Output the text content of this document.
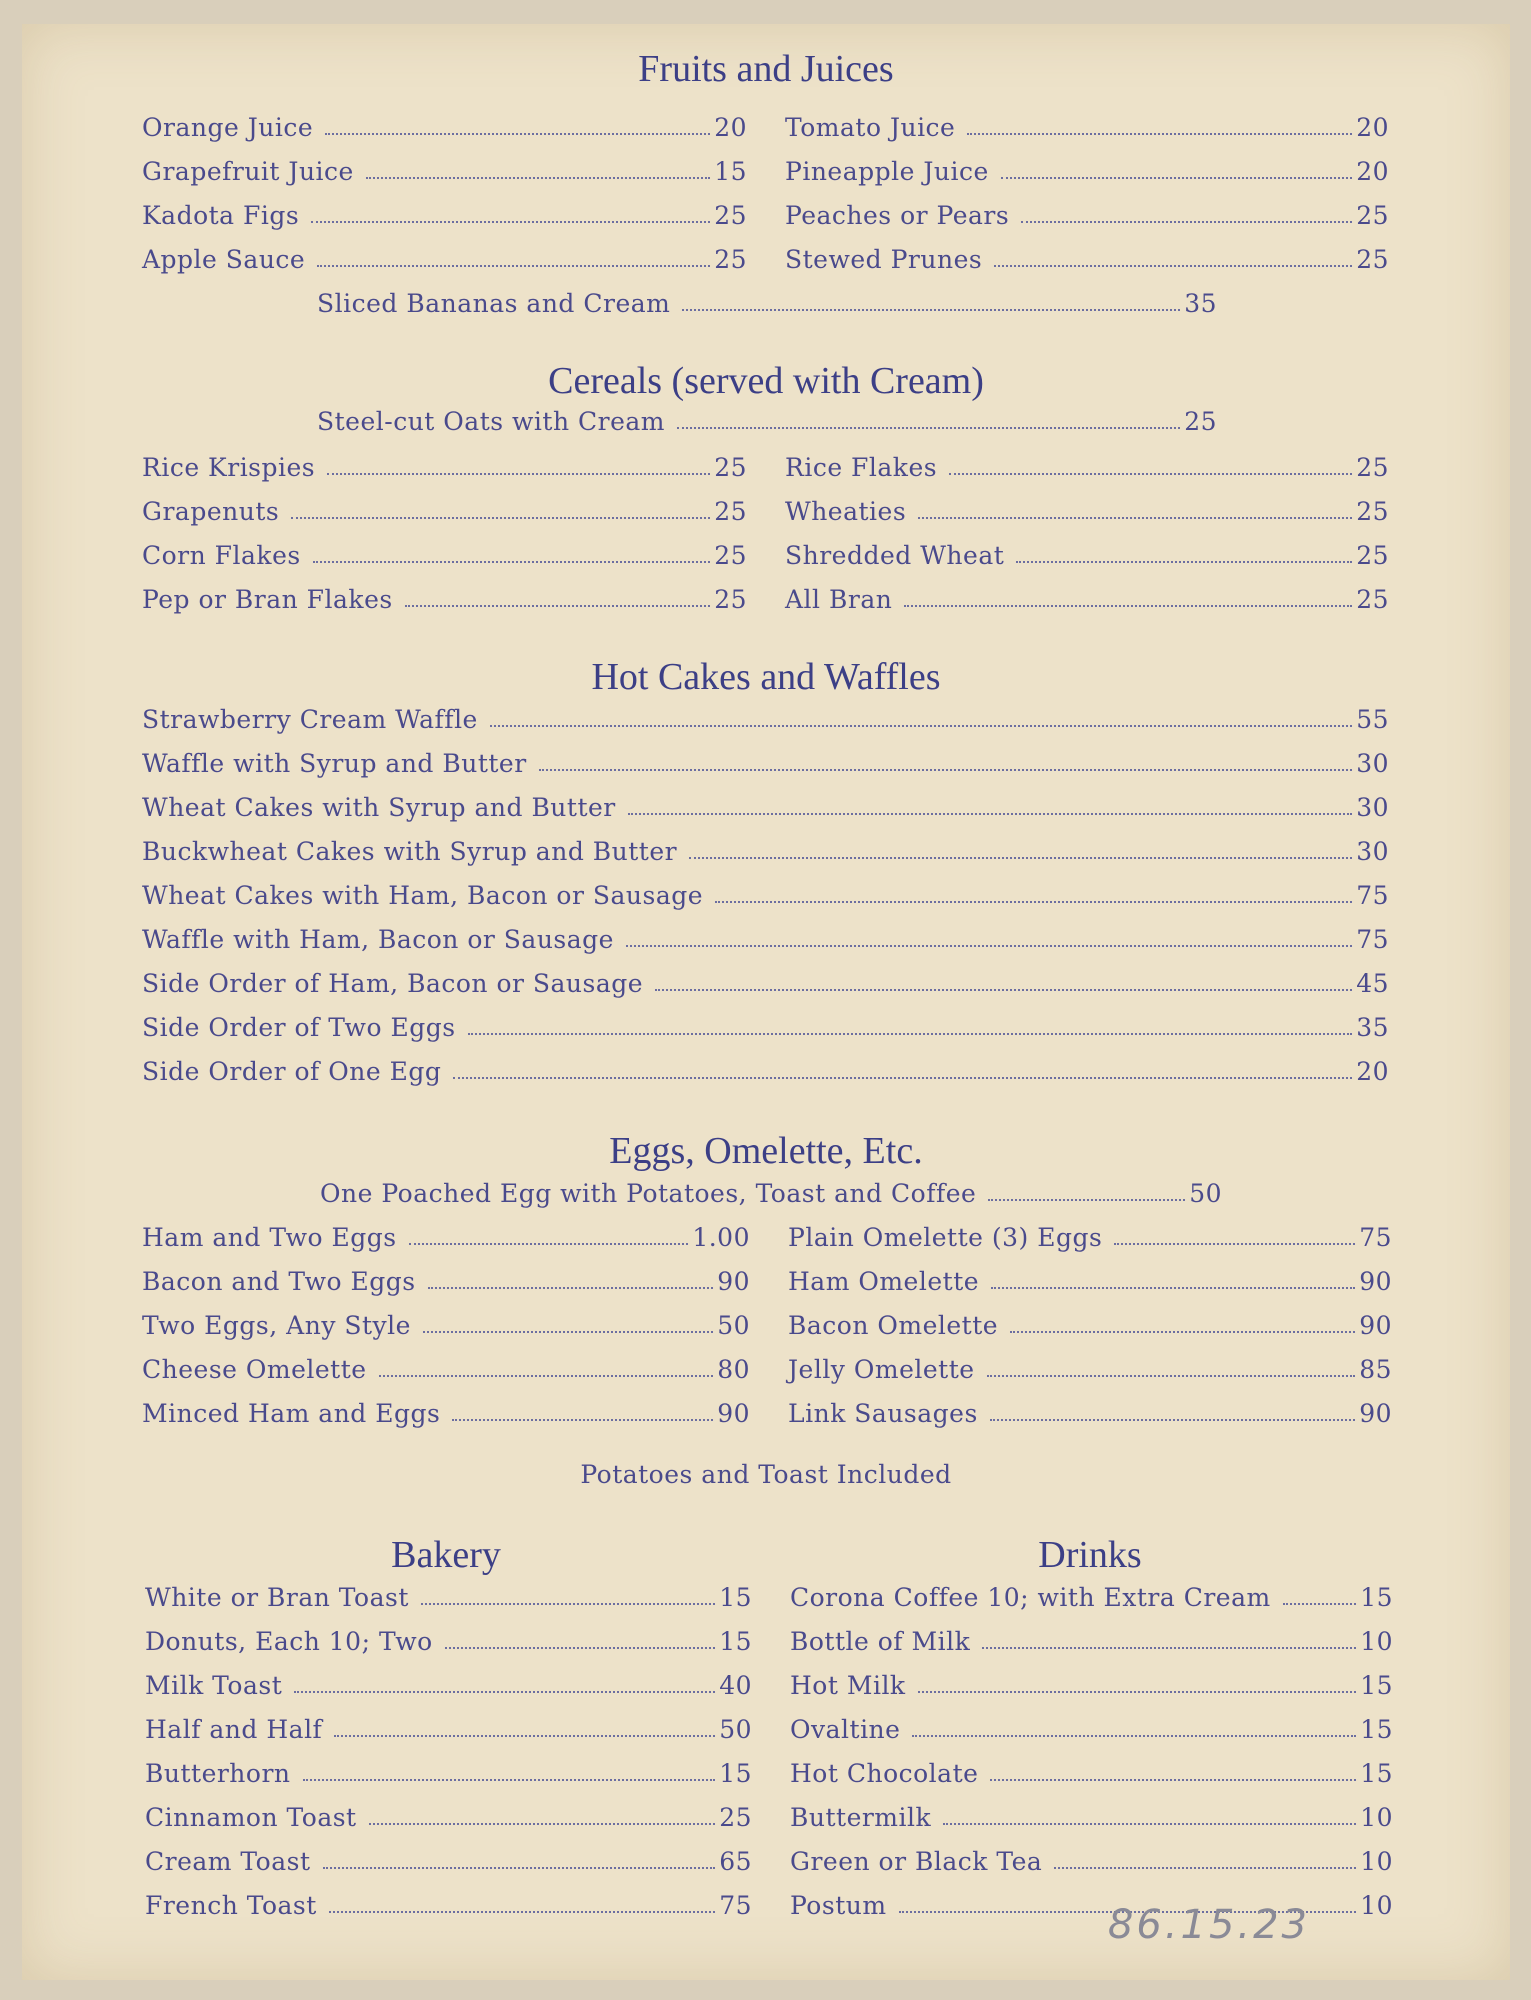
Fruits and Juices
Orange Juice	20
Grapefruit Juice	15
Kadota Figs	25
Apple Sauce	25
Tomato Juice	20
Pineapple Juice	20
Peaches or Pears	25
Stewed Prunes	25
Sliced Bananas and Cream	35
Cereals (served with Cream)
Steel-cut Oats with Cream	25
Rice Krispies	25
Grapenuts	25
Corn Flakes	25
Pep or Bran Flakes	25
Rice Flakes	25
Wheaties	25
Shredded Wheat	25
All Bran	25
Hot Cakes and Waffles
Strawberry Cream Waffle	55
Waffle with Syrup and Butter	30
Wheat Cakes with Syrup and Butter	30
Buckwheat Cakes with Syrup and Butter	30
Wheat Cakes with Ham, Bacon or Sausage	75
Waffle with Ham, Bacon or Sausage	75
Side Order of Ham, Bacon or Sausage	45
Side Order of Two Eggs	35
Side Order of One Egg	20
Eggs, Omelette, Etc.
One Poached Egg with Potatoes, Toast and Coffee	50
Ham and Two Eggs	1.00
Bacon and Two Eggs	90
Two Eggs, Any Style	50
Cheese Omelette	80
Minced Ham and Eggs	90
Plain Omelette (3) Eggs	75
Ham Omelette	90
Bacon Omelette	90
Jelly Omelette	85
Link Sausages	90
Potatoes and Toast Included
Bakery
White or Bran Toast	15
Donuts, Each 10; Two	15
Milk Toast	40
Half and Half	50
Butterhorn	15
Cinnamon Toast	25
Cream Toast	65
French Toast	75
Drinks
Corona Coffee 10; with Extra Cream	15
Bottle of Milk	10
Hot Milk	15
Ovaltine	15
Hot Chocolate	15
Buttermilk	10
Green or Black Tea	10
Postum	10
86.15.23
